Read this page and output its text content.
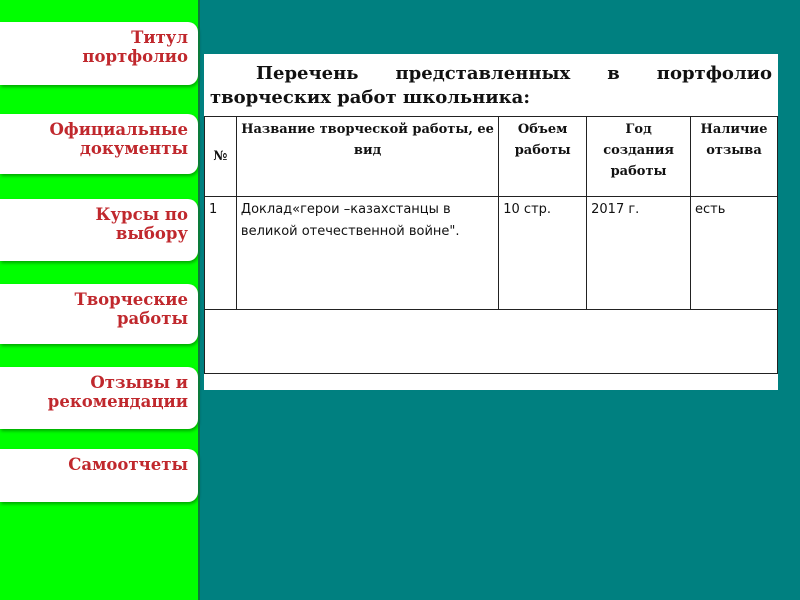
Титул
портфолио
Официальные
документы
Курсы по
выбору
Творческие
работы
Отзывы и
рекомендации
Самоотчеты
Перечень представленных в портфолио
творческих работ школьника:
№	Название творческой работы, ее вид	Объем работы	Год создания работы	Наличие отзыва
1	Доклад«герои –казахстанцы в великой отечественной войне".	10 стр.	2017 г.	есть
